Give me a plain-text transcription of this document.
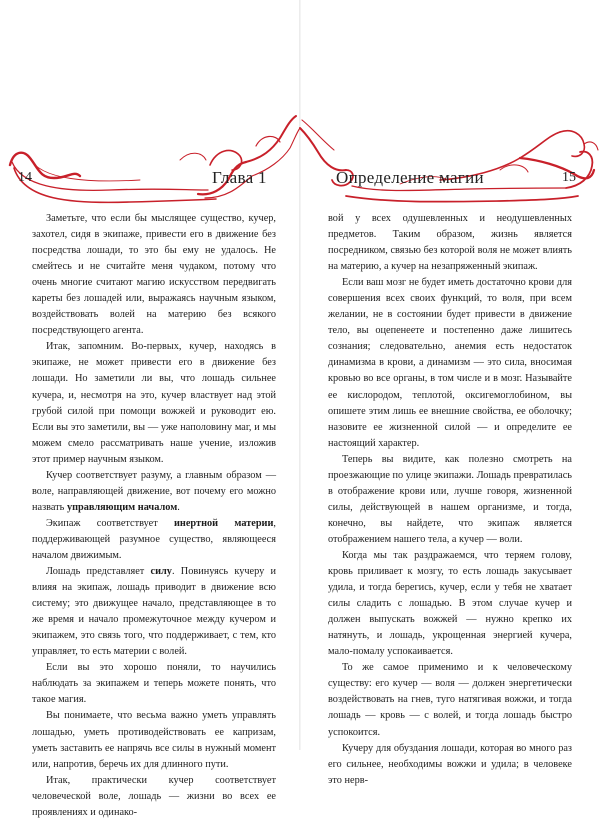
14	Глава 1

Заметьте, что если бы мыслящее существо, кучер, захотел, сидя в экипаже, привести его в движение без посредства лошади, то это бы ему не удалось. Не смейтесь и не считайте меня чудаком, потому что очень многие считают магию искусством передвигать кареты без лошадей или, выражаясь научным языком, воздействовать волей на материю без всякого посредствующего агента.

Итак, запомним. Во-первых, кучер, находясь в экипаже, не может привести его в движение без лошади. Но заметили ли вы, что лошадь сильнее кучера, и, несмотря на это, кучер властвует над этой грубой силой при помощи вожжей и руководит ею. Если вы это заметили, вы — уже наполовину маг, и мы можем смело рассматривать наше учение, изложив этот пример научным языком.

Кучер соответствует разуму, а главным образом — воле, направляющей движение, вот почему его можно назвать управляющим началом.

Экипаж соответствует инертной материи, поддерживающей разумное существо, являющееся началом движимым.

Лошадь представляет силу. Повинуясь кучеру и влияя на экипаж, лошадь приводит в движение всю систему; это движущее начало, представляющее в то же время и начало промежуточное между кучером и экипажем, это связь того, что поддерживает, с тем, кто управляет, то есть материи с волей.

Если вы это хорошо поняли, то научились наблюдать за экипажем и теперь можете понять, что такое магия.

Вы понимаете, что весьма важно уметь управлять лошадью, уметь противодействовать ее капризам, уметь заставить ее напрячь все силы в нужный момент или, напротив, беречь их для длинного пути.

Итак, практически кучер соответствует человеческой воле, лошадь — жизни во всех ее проявлениях и одинако-

Определение магии	15

вой у всех одушевленных и неодушевленных предметов. Таким образом, жизнь является посредником, связью без которой воля не может влиять на материю, а кучер на незапряженный экипаж.

Если ваш мозг не будет иметь достаточно крови для совершения всех своих функций, то воля, при всем желании, не в состоянии будет привести в движение тело, вы оцепенеете и постепенно даже лишитесь сознания; следовательно, анемия есть недостаток динамизма в крови, а динамизм — это сила, вносимая кровью во все органы, в том числе и в мозг. Называйте ее кислородом, теплотой, оксигемоглобином, вы опишете этим лишь ее внешние свойства, ее оболочку; назовите ее жизненной силой — и определите ее настоящий характер.

Теперь вы видите, как полезно смотреть на проезжающие по улице экипажи. Лошадь превратилась в отображение крови или, лучше говоря, жизненной силы, действующей в нашем организме, и тогда, конечно, вы найдете, что экипаж является отображением нашего тела, а кучер — воли.

Когда мы так раздражаемся, что теряем голову, кровь приливает к мозгу, то есть лошадь закусывает удила, и тогда берегись, кучер, если у тебя не хватает силы сладить с лошадью. В этом случае кучер и должен выпускать вожжей — нужно крепко их натянуть, и лошадь, укрощенная энергией кучера, мало-помалу успокаивается.

То же самое применимо и к человеческому существу: его кучер — воля — должен энергетически воздействовать на гнев, туго натягивая вожжи, и тогда лошадь — кровь — с волей, и тогда лошадь быстро успокоится.

Кучеру для обуздания лошади, которая во много раз его сильнее, необходимы вожжи и удила; в человеке это нерв-
